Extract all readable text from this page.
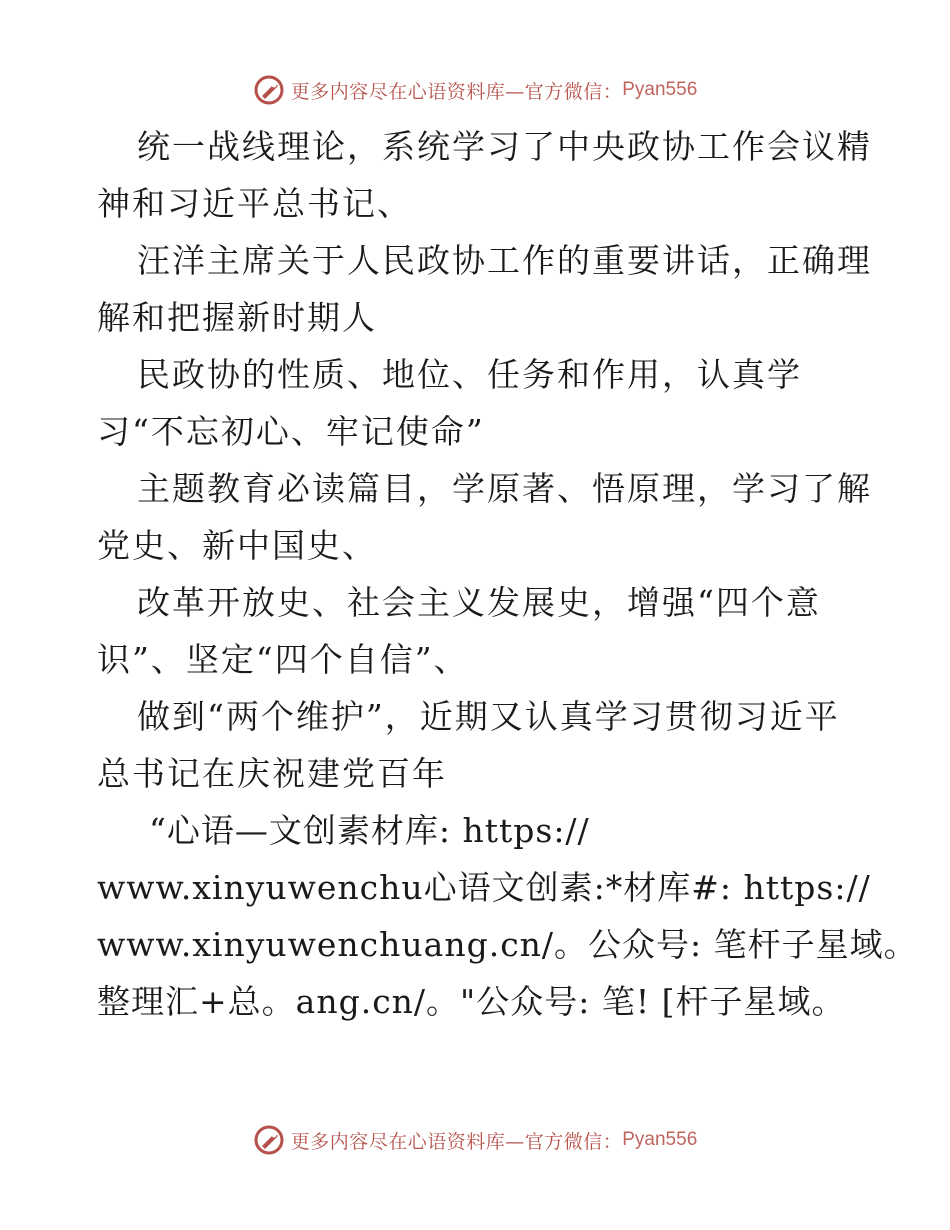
更多内容尽在心语资料库—官方微信： Pyan556
统一战线理论，系统学习了中央政协工作会议精
神和习近平总书记、
汪洋主席关于人民政协工作的重要讲话，正确理
解和把握新时期人
民政协的性质、地位、任务和作用，认真学
习“不忘初心、牢记使命”
主题教育必读篇目，学原著、悟原理，学习了解
党史、新中国史、
改革开放史、社会主义发展史，增强“四个意
识”、坚定“四个自信”、
做到“两个维护”，近期又认真学习贯彻习近平
总书记在庆祝建党百年
“心语—文创素材库: https://
www.xinyuwenchu心语文创素:*材库#: https://
www.xinyuwenchuang.cn/。公众号: 笔杆子星域。
整理汇+总。ang.cn/。"公众号: 笔! [杆子星域。
更多内容尽在心语资料库—官方微信： Pyan556
